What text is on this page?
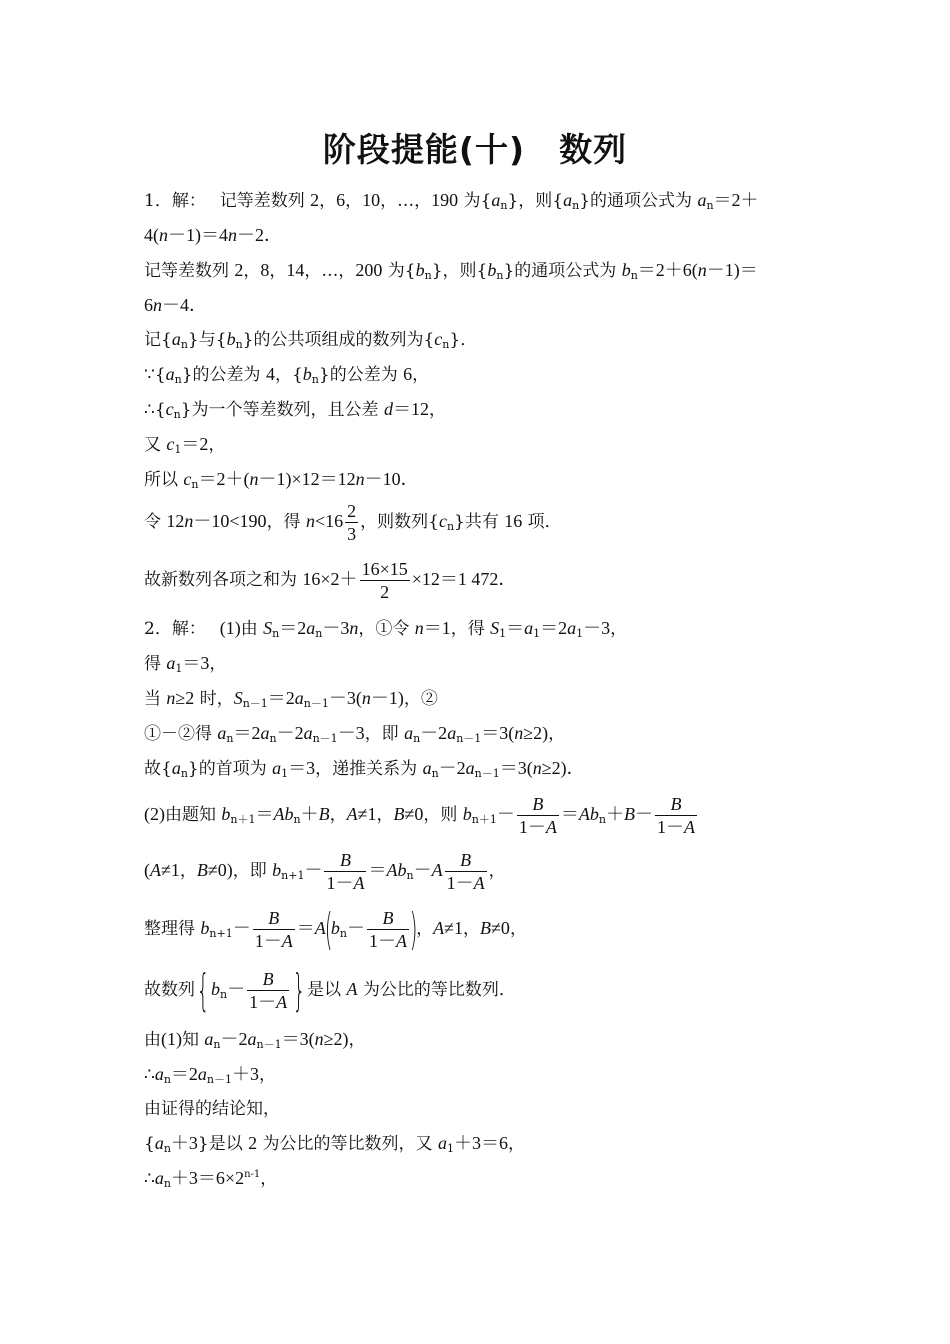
阶段提能(十)　数列
1．解：　 记等差数列 2，6，10，…，190 为$\{a_n\}$，则$\{a_n\}$的通项公式为 $a_n=2+$
4(n－1)＝4n－2．
记等差数列 2，8，14，…，200 为$\{b_n\}$，则$\{b_n\}$的通项公式为 $b_n=2+6(n-1)=$
6n－4．
记$\{a_n\}$与$\{b_n\}$的公共项组成的数列为$\{c_n\}$．
$\because\{a_n\}$的公差为 4，$\{b_n\}$的公差为 6，
$\therefore\{c_n\}$为一个等差数列，且公差 d＝12，
又 $c_1=2$，
所以 $c_n=2+(n-1)\times 12=12n-10$．
令 12n－10<190，得 $n<16 \frac{2}{3}$ ，则数列$\{c_n\}$共有 16 项．
故新数列各项之和为 $16\times 2+ \frac{16\times 15}{2} \times 12=1$ 472．
2．解：　 (1)由 $S_n=2a_n-3n$，①令 n＝1，得 $S_1=a_1=2a_1-3$，
得 $a_1=3$，
当 n≥2 时，$S_{n-1}=2a_{n-1}-3(n-1)$，②
①－②得 $a_n=2a_n-2a_{n-1}-3$，即 $a_n-2a_{n-1}=3(n\ge 2)$，
故$\{a_n\}$的首项为 $a_1=3$，递推关系为 $a_n-2a_{n-1}=3(n\ge 2)$．
(2)由题知 $b_{n+1}=Ab_n+B$，A≠1，B≠0，则 $b_{n+1}- \frac{B}{1-A} =Ab_n+B- \frac{B}{1-A}$
(A≠1，B≠0)，即 $b_{n+1}- \frac{B}{1-A} =Ab_n-A \frac{B}{1-A}$ ，
整理得 $b_{n+1}- \frac{B}{1-A} =A(b_n- \frac{B}{1-A}$ )，A≠1，B≠0，
故数列{$b_n- \frac{B}{1-A}$ } 是以 A 为公比的等比数列．
由(1)知 $a_n-2a_{n-1}=3(n\ge 2)$，
$\therefore a_n=2a_{n-1}+3$，
由证得的结论知，
$\{a_n+3\}$是以 2 为公比的等比数列，又 $a_1+3=6$，
$\therefore a_n+3=6\times 2^{n-1}$，
